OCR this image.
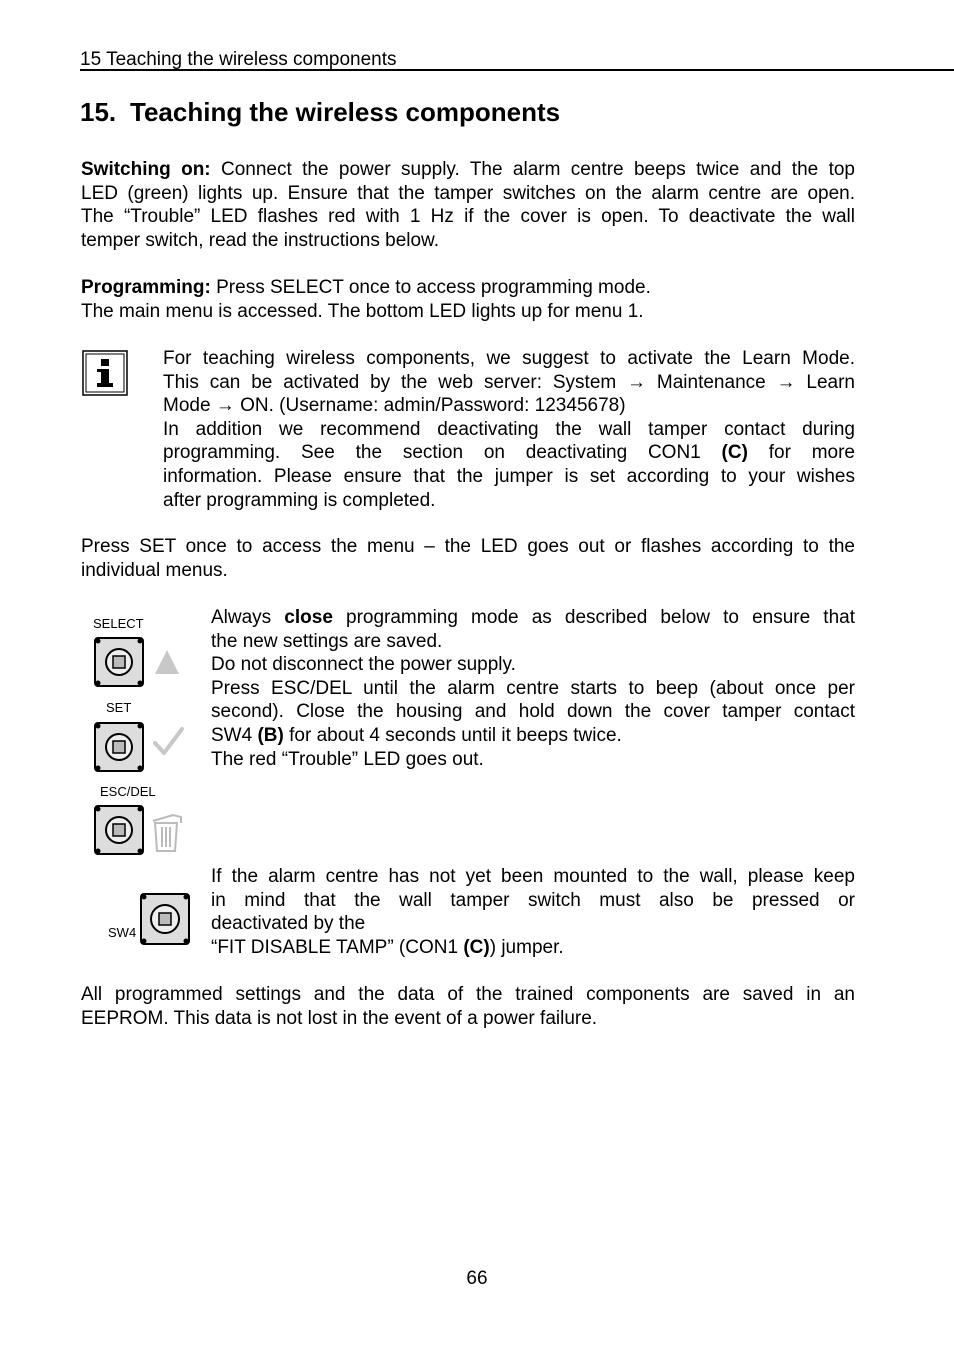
15 Teaching the wireless components
15. Teaching the wireless components
Switching on: Connect the power supply. The alarm centre beeps twice and the top
LED (green) lights up. Ensure that the tamper switches on the alarm centre are open.
The “Trouble” LED flashes red with 1 Hz if the cover is open. To deactivate the wall
temper switch, read the instructions below.
Programming: Press SELECT once to access programming mode.
The main menu is accessed. The bottom LED lights up for menu 1.
For teaching wireless components, we suggest to activate the Learn Mode.
This can be activated by the web server: System → Maintenance → Learn
Mode → ON. (Username: admin/Password: 12345678)
In addition we recommend deactivating the wall tamper contact during
programming. See the section on deactivating CON1 (C) for more
information. Please ensure that the jumper is set according to your wishes
after programming is completed.
Press SET once to access the menu – the LED goes out or flashes according to the
individual menus.
SELECT
SET
ESC/DEL
Always close programming mode as described below to ensure that
the new settings are saved.
Do not disconnect the power supply.
Press ESC/DEL until the alarm centre starts to beep (about once per
second). Close the housing and hold down the cover tamper contact
SW4 (B) for about 4 seconds until it beeps twice.
The red “Trouble” LED goes out.
SW4
If the alarm centre has not yet been mounted to the wall, please keep
in mind that the wall tamper switch must also be pressed or
deactivated by the
“FIT DISABLE TAMP” (CON1 (C)) jumper.
All programmed settings and the data of the trained components are saved in an
EEPROM. This data is not lost in the event of a power failure.
66
